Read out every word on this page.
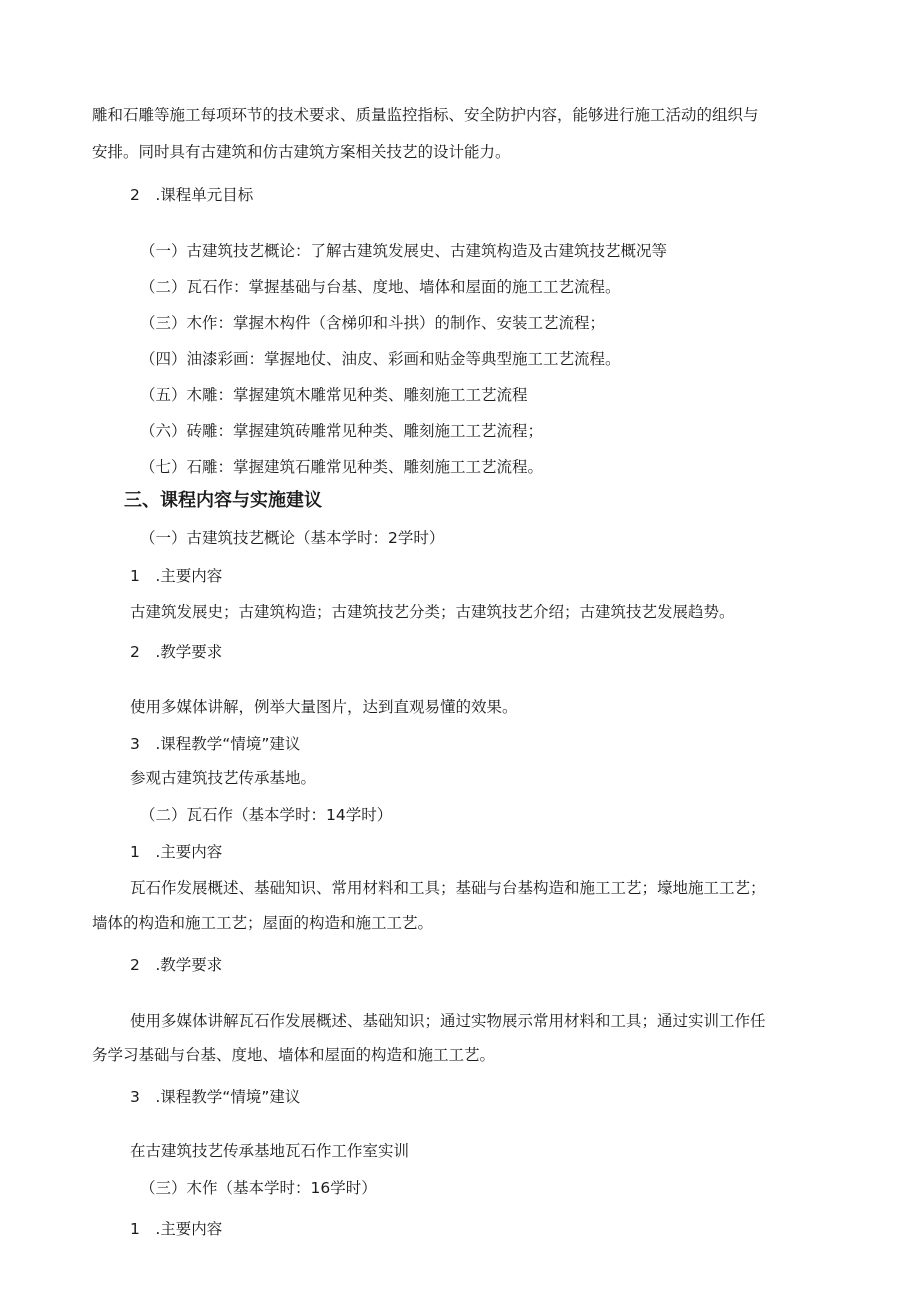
雕和石雕等施工每项环节的技术要求、质量监控指标、安全防护内容，能够进行施工活动的组织与
安排。同时具有古建筑和仿古建筑方案相关技艺的设计能力。
2　.课程单元目标
（一）古建筑技艺概论：了解古建筑发展史、古建筑构造及古建筑技艺概况等
（二）瓦石作：掌握基础与台基、度地、墙体和屋面的施工工艺流程。
（三）木作：掌握木构件（含梯卯和斗拱）的制作、安装工艺流程；
（四）油漆彩画：掌握地仗、油皮、彩画和贴金等典型施工工艺流程。
（五）木雕：掌握建筑木雕常见种类、雕刻施工工艺流程
（六）砖雕：掌握建筑砖雕常见种类、雕刻施工工艺流程；
（七）石雕：掌握建筑石雕常见种类、雕刻施工工艺流程。
三、课程内容与实施建议
（一）古建筑技艺概论（基本学时：2学时）
1　.主要内容
古建筑发展史；古建筑构造；古建筑技艺分类；古建筑技艺介绍；古建筑技艺发展趋势。
2　.教学要求
使用多媒体讲解，例举大量图片，达到直观易懂的效果。
3　.课程教学“情境”建议
参观古建筑技艺传承基地。
（二）瓦石作（基本学时：14学时）
1　.主要内容
瓦石作发展概述、基础知识、常用材料和工具；基础与台基构造和施工工艺；壕地施工工艺；
墙体的构造和施工工艺；屋面的构造和施工工艺。
2　.教学要求
使用多媒体讲解瓦石作发展概述、基础知识；通过实物展示常用材料和工具；通过实训工作任
务学习基础与台基、度地、墙体和屋面的构造和施工工艺。
3　.课程教学“情境”建议
在古建筑技艺传承基地瓦石作工作室实训
（三）木作（基本学时：16学时）
1　.主要内容
